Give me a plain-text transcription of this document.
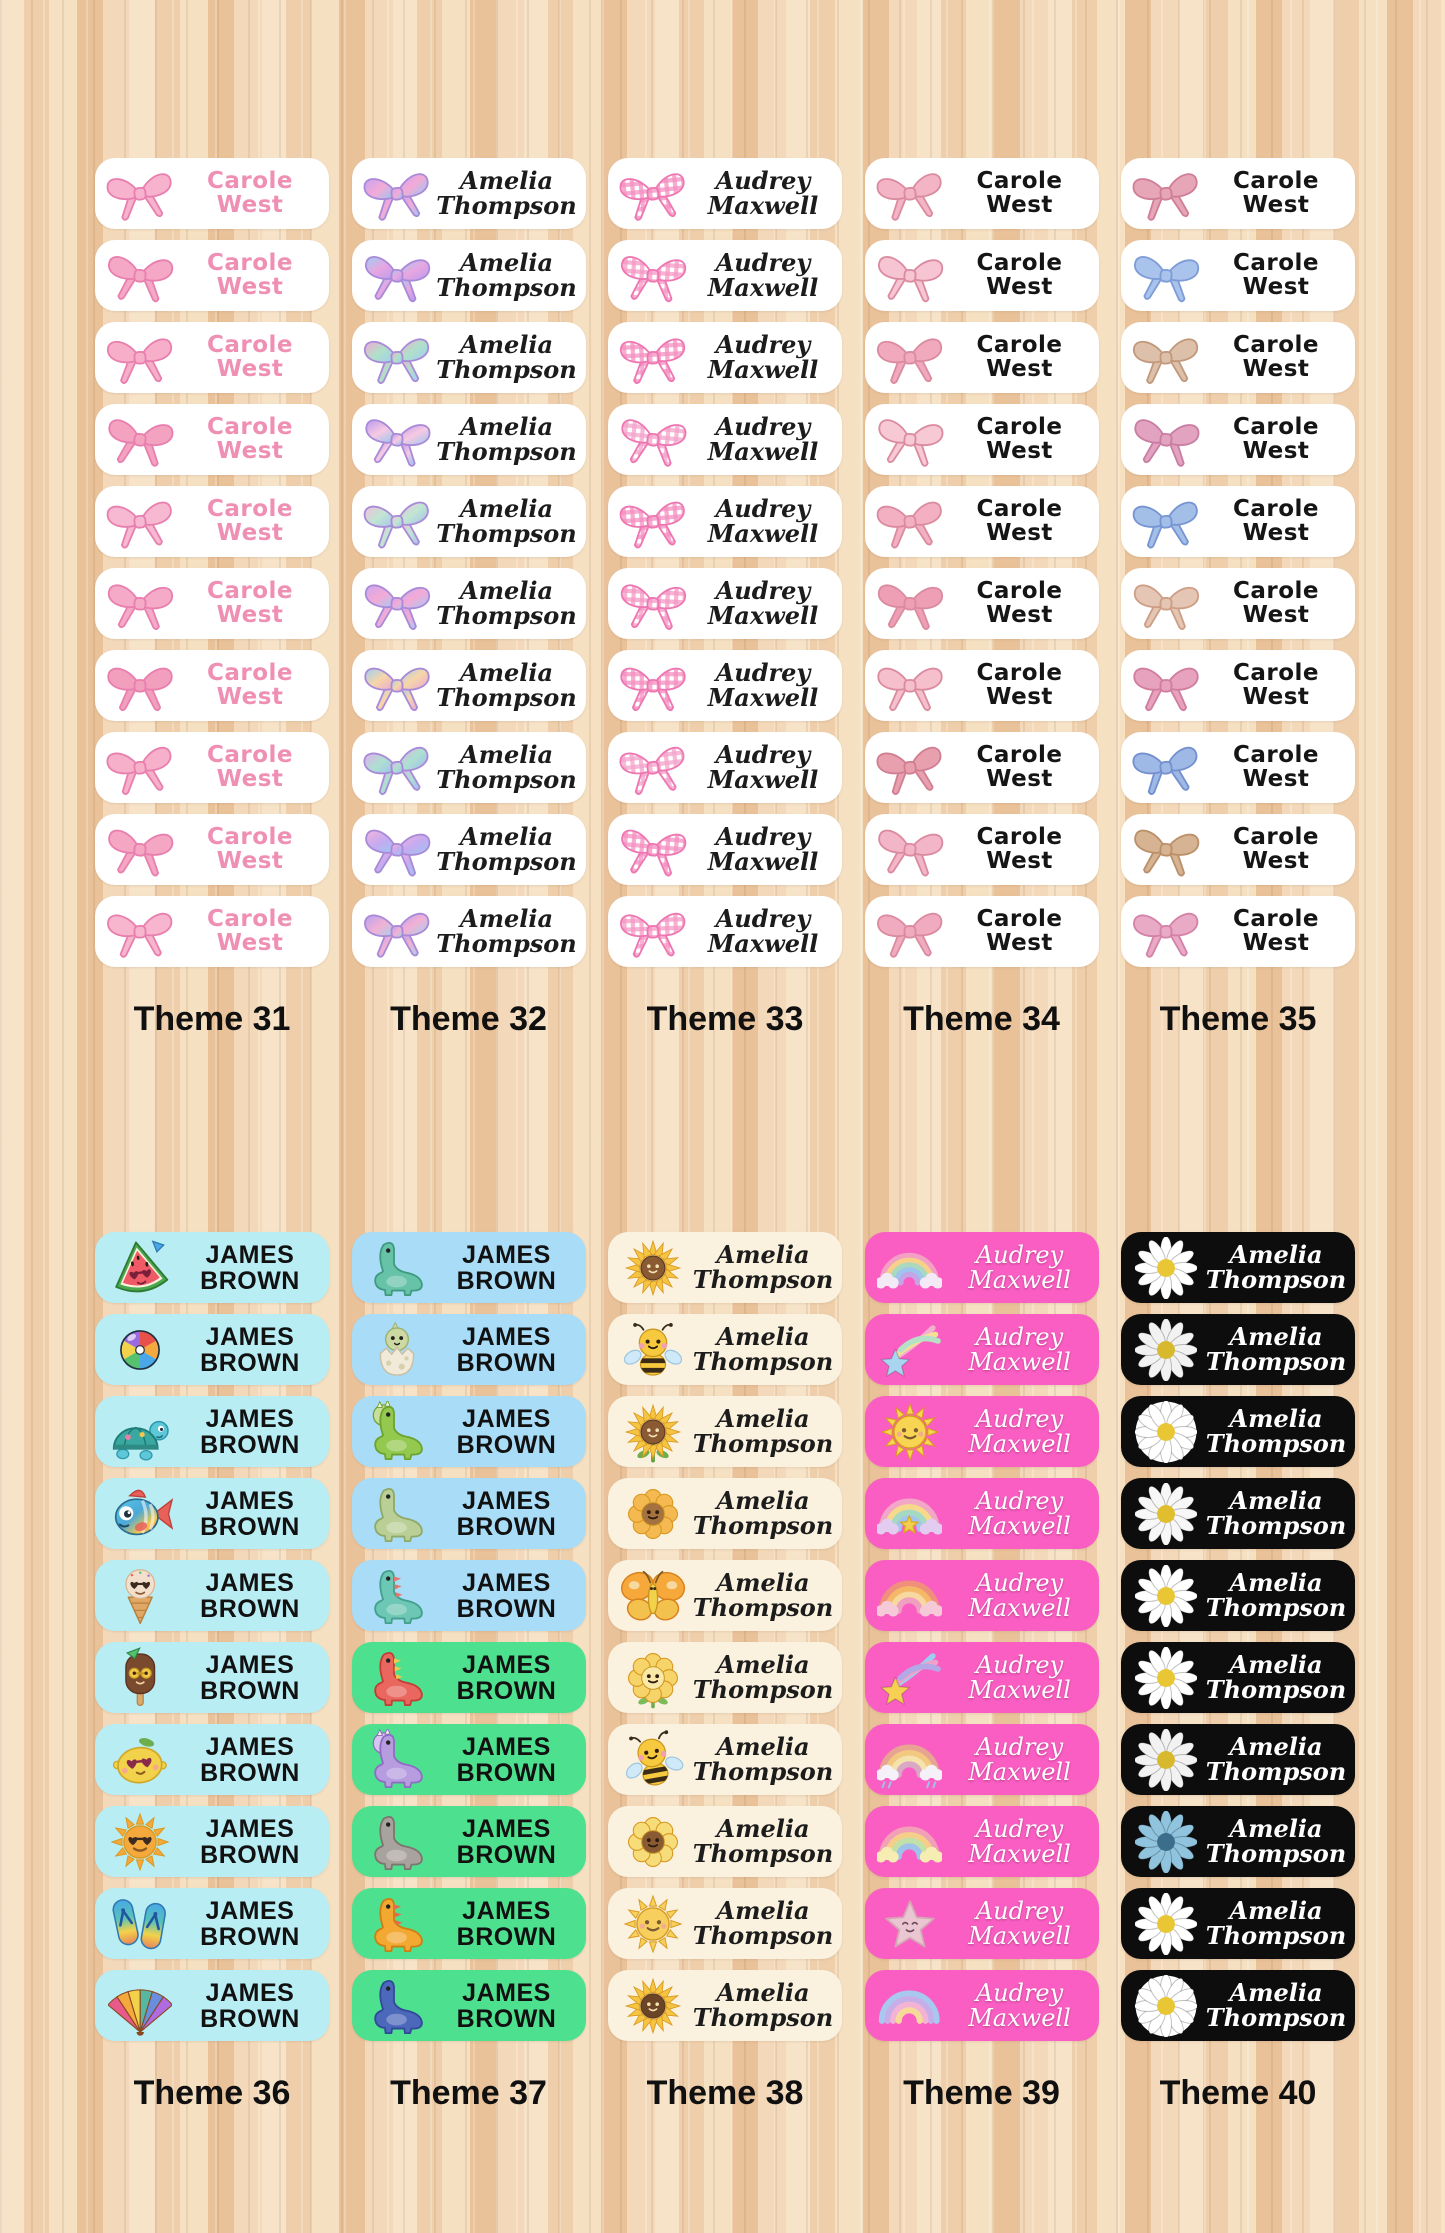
Carole
West
Carole
West
Carole
West
Carole
West
Carole
West
Carole
West
Carole
West
Carole
West
Carole
West
Carole
West
Theme 31
Amelia
Thompson
Amelia
Thompson
Amelia
Thompson
Amelia
Thompson
Amelia
Thompson
Amelia
Thompson
Amelia
Thompson
Amelia
Thompson
Amelia
Thompson
Amelia
Thompson
Theme 32
Audrey
Maxwell
Audrey
Maxwell
Audrey
Maxwell
Audrey
Maxwell
Audrey
Maxwell
Audrey
Maxwell
Audrey
Maxwell
Audrey
Maxwell
Audrey
Maxwell
Audrey
Maxwell
Theme 33
Carole
West
Carole
West
Carole
West
Carole
West
Carole
West
Carole
West
Carole
West
Carole
West
Carole
West
Carole
West
Theme 34
Carole
West
Carole
West
Carole
West
Carole
West
Carole
West
Carole
West
Carole
West
Carole
West
Carole
West
Carole
West
Theme 35
JAMES
BROWN
JAMES
BROWN
JAMES
BROWN
JAMES
BROWN
JAMES
BROWN
JAMES
BROWN
JAMES
BROWN
JAMES
BROWN
JAMES
BROWN
JAMES
BROWN
Theme 36
JAMES
BROWN
JAMES
BROWN
JAMES
BROWN
JAMES
BROWN
JAMES
BROWN
JAMES
BROWN
JAMES
BROWN
JAMES
BROWN
JAMES
BROWN
JAMES
BROWN
Theme 37
Amelia
Thompson
Amelia
Thompson
Amelia
Thompson
Amelia
Thompson
Amelia
Thompson
Amelia
Thompson
Amelia
Thompson
Amelia
Thompson
Amelia
Thompson
Amelia
Thompson
Theme 38
Audrey
Maxwell
Audrey
Maxwell
Audrey
Maxwell
Audrey
Maxwell
Audrey
Maxwell
Audrey
Maxwell
Audrey
Maxwell
Audrey
Maxwell
Audrey
Maxwell
Audrey
Maxwell
Theme 39
Amelia
Thompson
Amelia
Thompson
Amelia
Thompson
Amelia
Thompson
Amelia
Thompson
Amelia
Thompson
Amelia
Thompson
Amelia
Thompson
Amelia
Thompson
Amelia
Thompson
Theme 40
